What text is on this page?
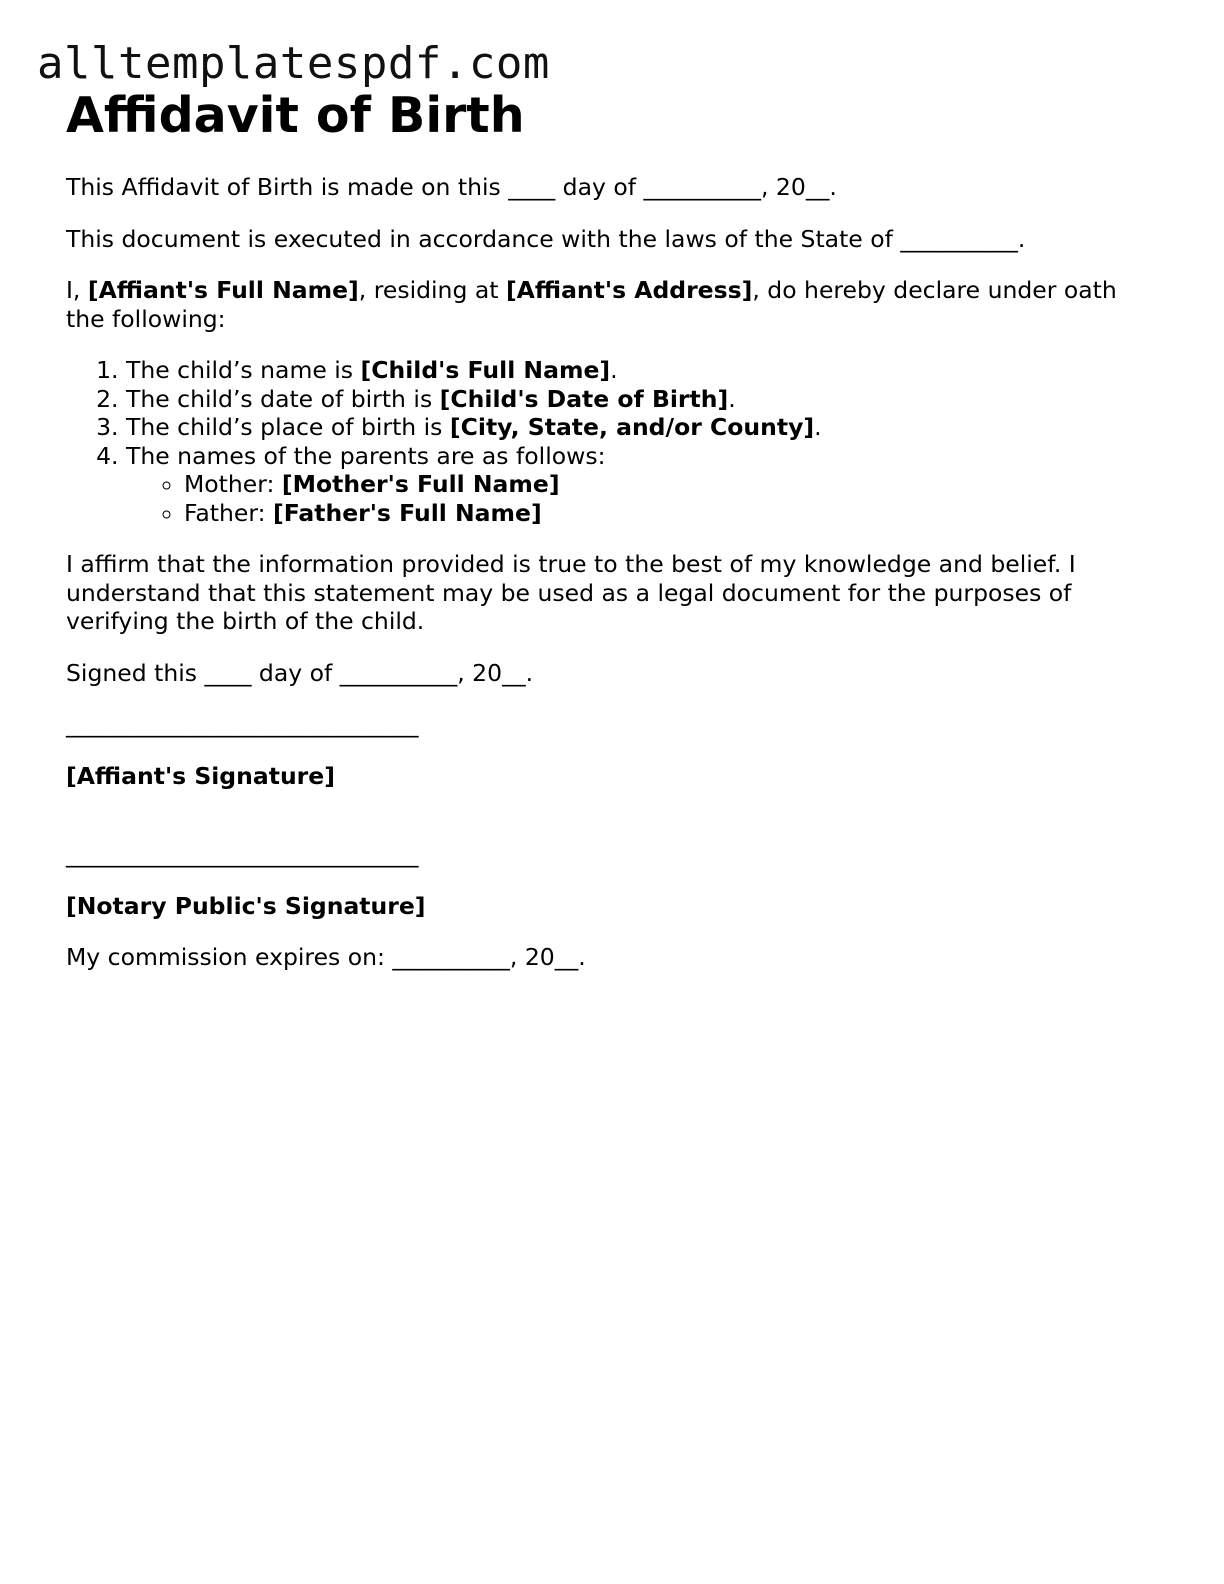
alltemplatespdf.com
Affidavit of Birth

This Affidavit of Birth is made on this ____ day of __________, 20__.

This document is executed in accordance with the laws of the State of __________.

I, [Affiant's Full Name], residing at [Affiant's Address], do hereby declare under oath the following:

1. The child’s name is [Child's Full Name].
2. The child’s date of birth is [Child's Date of Birth].
3. The child’s place of birth is [City, State, and/or County].
4. The names of the parents are as follows:
◦ Mother: [Mother's Full Name]
◦ Father: [Father's Full Name]

I affirm that the information provided is true to the best of my knowledge and belief. I understand that this statement may be used as a legal document for the purposes of verifying the birth of the child.

Signed this ____ day of __________, 20__.

______________________________

[Affiant's Signature]

______________________________

[Notary Public's Signature]

My commission expires on: __________, 20__.
